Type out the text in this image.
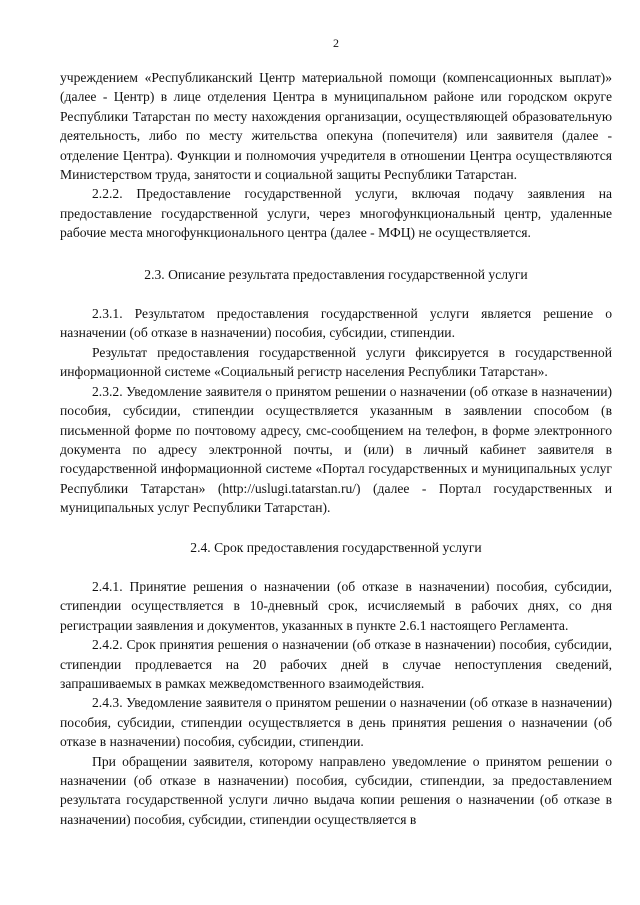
2

учреждением «Республиканский Центр материальной помощи (компенсационных выплат)» (далее - Центр) в лице отделения Центра в муниципальном районе или городском округе Республики Татарстан по месту нахождения организации, осуществляющей образовательную деятельность, либо по месту жительства опекуна (попечителя) или заявителя (далее - отделение Центра). Функции и полномочия учредителя в отношении Центра осуществляются Министерством труда, занятости и социальной защиты Республики Татарстан.

2.2.2. Предоставление государственной услуги, включая подачу заявления на предоставление государственной услуги, через многофункциональный центр, удаленные рабочие места многофункционального центра (далее - МФЦ) не осуществляется.

2.3. Описание результата предоставления государственной услуги

2.3.1. Результатом предоставления государственной услуги является решение о назначении (об отказе в назначении) пособия, субсидии, стипендии.

Результат предоставления государственной услуги фиксируется в государственной информационной системе «Социальный регистр населения Республики Татарстан».

2.3.2. Уведомление заявителя о принятом решении о назначении (об отказе в назначении) пособия, субсидии, стипендии осуществляется указанным в заявлении способом (в письменной форме по почтовому адресу, смс-сообщением на телефон, в форме электронного документа по адресу электронной почты, и (или) в личный кабинет заявителя в государственной информационной системе «Портал государственных и муниципальных услуг Республики Татарстан» (http://uslugi.tatarstan.ru/) (далее - Портал государственных и муниципальных услуг Республики Татарстан).

2.4. Срок предоставления государственной услуги

2.4.1. Принятие решения о назначении (об отказе в назначении) пособия, субсидии, стипендии осуществляется в 10-дневный срок, исчисляемый в рабочих днях, со дня регистрации заявления и документов, указанных в пункте 2.6.1 настоящего Регламента.

2.4.2. Срок принятия решения о назначении (об отказе в назначении) пособия, субсидии, стипендии продлевается на 20 рабочих дней в случае непоступления сведений, запрашиваемых в рамках межведомственного взаимодействия.

2.4.3. Уведомление заявителя о принятом решении о назначении (об отказе в назначении) пособия, субсидии, стипендии осуществляется в день принятия решения о назначении (об отказе в назначении) пособия, субсидии, стипендии.

При обращении заявителя, которому направлено уведомление о принятом решении о назначении (об отказе в назначении) пособия, субсидии, стипендии, за предоставлением результата государственной услуги лично выдача копии решения о назначении (об отказе в назначении) пособия, субсидии, стипендии осуществляется в
